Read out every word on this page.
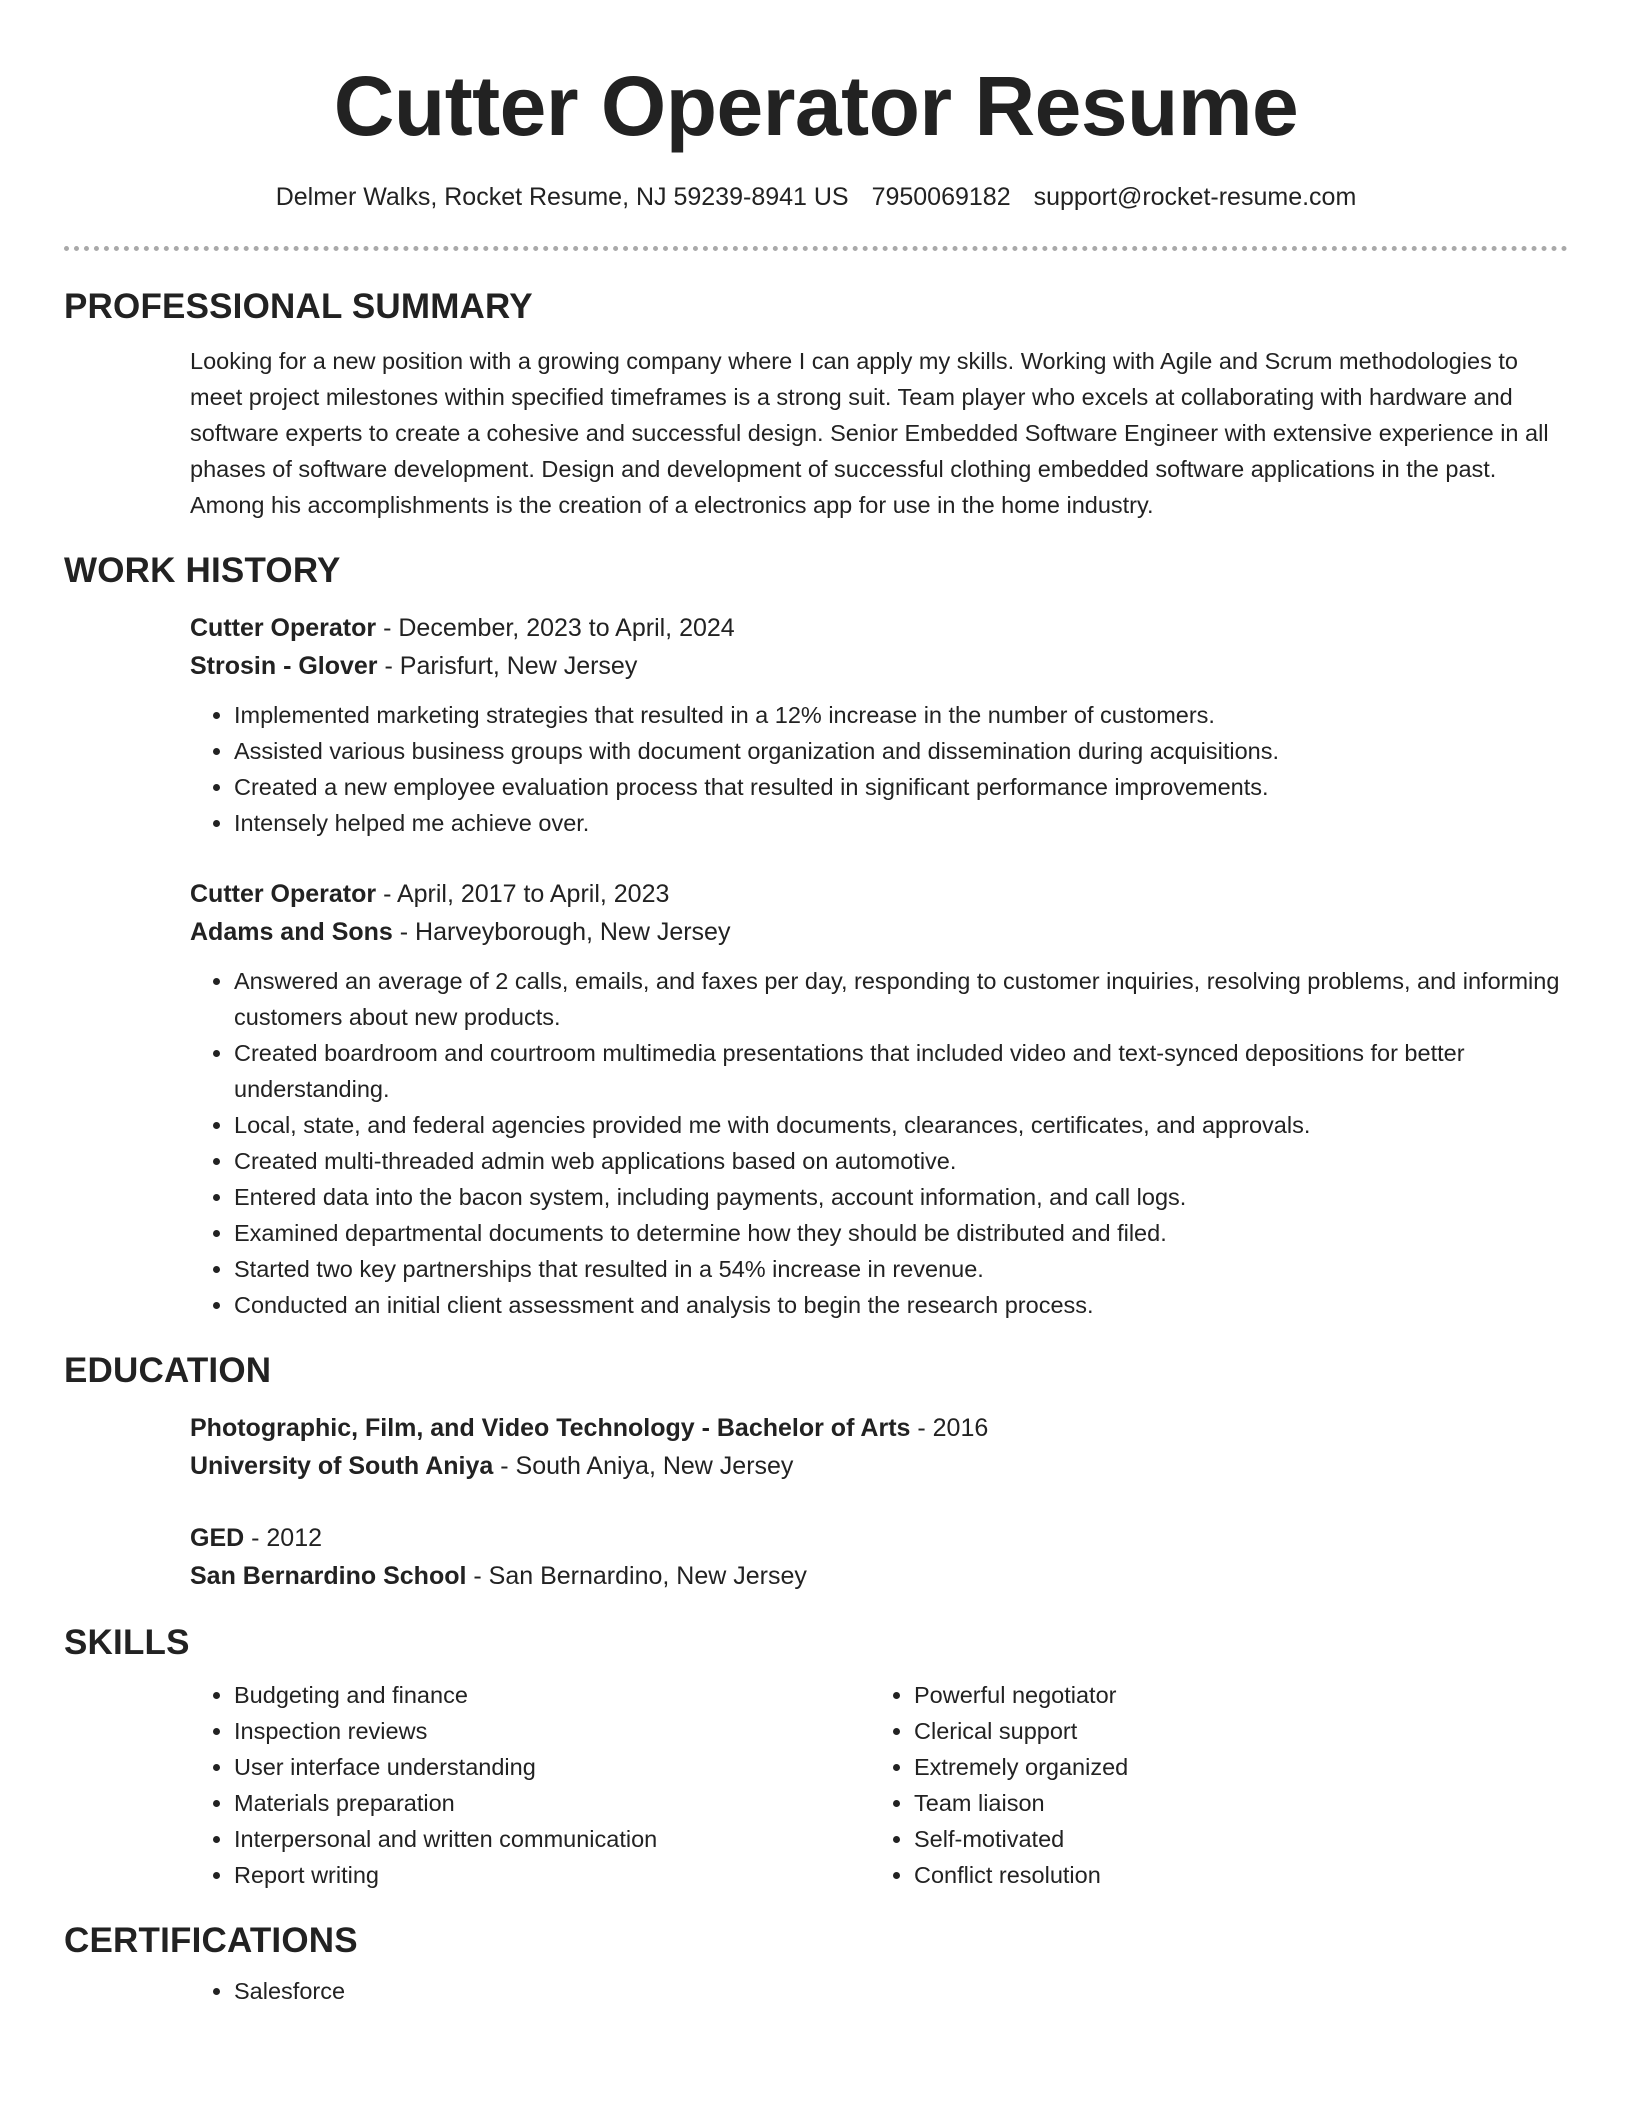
Cutter Operator Resume
Delmer Walks, Rocket Resume, NJ 59239-8941 US 7950069182 support@rocket-resume.com
PROFESSIONAL SUMMARY

Looking for a new position with a growing company where I can apply my skills. Working with Agile and Scrum methodologies to meet project milestones within specified timeframes is a strong suit. Team player who excels at collaborating with hardware and software experts to create a cohesive and successful design. Senior Embedded Software Engineer with extensive experience in all phases of software development. Design and development of successful clothing embedded software applications in the past. Among his accomplishments is the creation of a electronics app for use in the home industry.

WORK HISTORY
Cutter Operator - December, 2023 to April, 2024
Strosin - Glover - Parisfurt, New Jersey
• Implemented marketing strategies that resulted in a 12% increase in the number of customers.
• Assisted various business groups with document organization and dissemination during acquisitions.
• Created a new employee evaluation process that resulted in significant performance improvements.
• Intensely helped me achieve over.
Cutter Operator - April, 2017 to April, 2023
Adams and Sons - Harveyborough, New Jersey
• Answered an average of 2 calls, emails, and faxes per day, responding to customer inquiries, resolving problems, and informing customers about new products.
• Created boardroom and courtroom multimedia presentations that included video and text-synced depositions for better understanding.
• Local, state, and federal agencies provided me with documents, clearances, certificates, and approvals.
• Created multi-threaded admin web applications based on automotive.
• Entered data into the bacon system, including payments, account information, and call logs.
• Examined departmental documents to determine how they should be distributed and filed.
• Started two key partnerships that resulted in a 54% increase in revenue.
• Conducted an initial client assessment and analysis to begin the research process.
EDUCATION
Photographic, Film, and Video Technology - Bachelor of Arts - 2016
University of South Aniya - South Aniya, New Jersey
GED - 2012
San Bernardino School - San Bernardino, New Jersey
SKILLS
• Budgeting and finance
• Inspection reviews
• User interface understanding
• Materials preparation
• Interpersonal and written communication
• Report writing
• Powerful negotiator
• Clerical support
• Extremely organized
• Team liaison
• Self-motivated
• Conflict resolution
CERTIFICATIONS
• Salesforce
